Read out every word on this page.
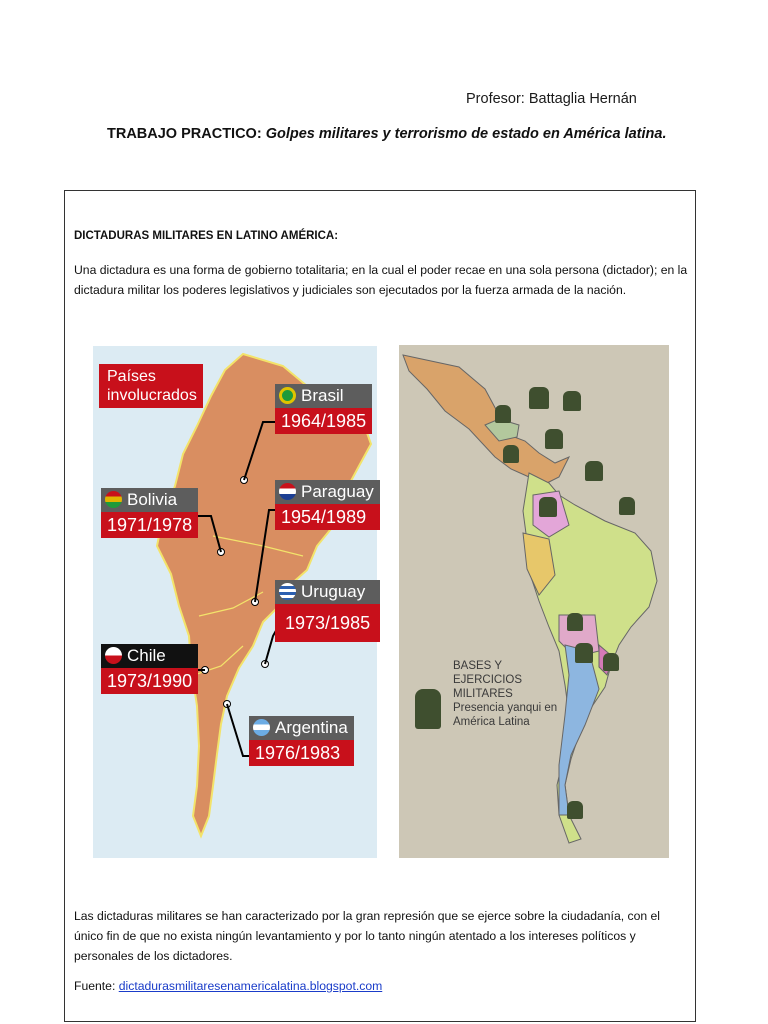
Profesor: Battaglia Hernán
TRABAJO PRACTICO: Golpes militares y terrorismo de estado en América latina.
DICTADURAS MILITARES EN LATINO AMÉRICA:
Una dictadura es una forma de gobierno totalitaria; en la cual el poder recae en una sola persona (dictador); en la dictadura militar los poderes legislativos y judiciales son ejecutados por la fuerza armada de la nación.
Países involucrados	Brasil
1964/1985
Bolivia
1971/1978
Paraguay
1954/1989
Uruguay
1973/1985
Chile
1973/1990
Argentina
1976/1983
BASES Y EJERCICIOS
MILITARES
Presencia yanqui en
América Latina
Las dictaduras militares se han caracterizado por la gran represión que se ejerce sobre la ciudadanía, con el único fin de que no exista ningún levantamiento y por lo tanto ningún atentado a los intereses políticos y personales de los dictadores.
Fuente: dictadurasmilitaresenamericalatina.blogspot.com
